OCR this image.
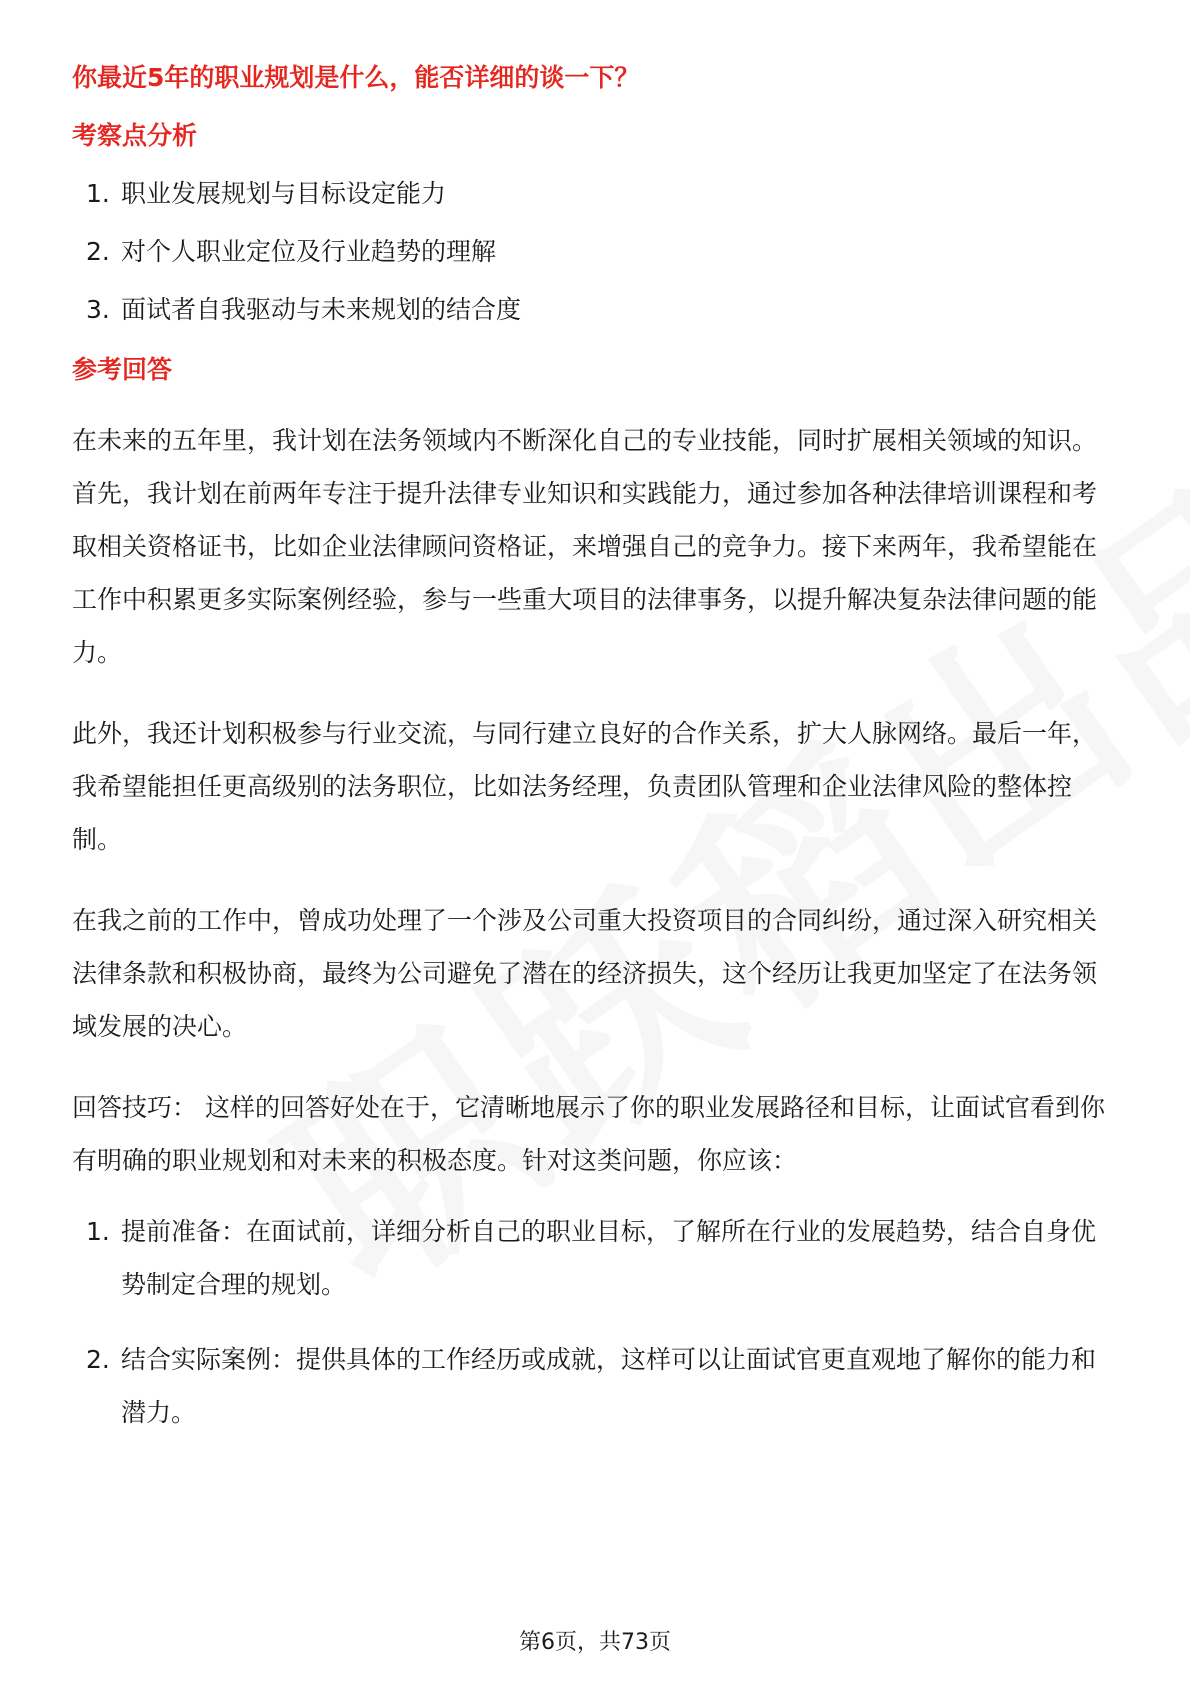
你最近5年的职业规划是什么，能否详细的谈一下？
考察点分析
1. 职业发展规划与目标设定能力
2. 对个人职业定位及行业趋势的理解
3. 面试者自我驱动与未来规划的结合度
参考回答

在未来的五年里，我计划在法务领域内不断深化自己的专业技能，同时扩展相关领域的知识。首先，我计划在前两年专注于提升法律专业知识和实践能力，通过参加各种法律培训课程和考取相关资格证书，比如企业法律顾问资格证，来增强自己的竞争力。接下来两年，我希望能在工作中积累更多实际案例经验，参与一些重大项目的法律事务，以提升解决复杂法律问题的能力。

此外，我还计划积极参与行业交流，与同行建立良好的合作关系，扩大人脉网络。最后一年，我希望能担任更高级别的法务职位，比如法务经理，负责团队管理和企业法律风险的整体控制。

在我之前的工作中，曾成功处理了一个涉及公司重大投资项目的合同纠纷，通过深入研究相关法律条款和积极协商，最终为公司避免了潜在的经济损失，这个经历让我更加坚定了在法务领域发展的决心。

回答技巧： 这样的回答好处在于，它清晰地展示了你的职业发展路径和目标，让面试官看到你有明确的职业规划和对未来的积极态度。针对这类问题，你应该：

1. 提前准备：在面试前，详细分析自己的职业目标，了解所在行业的发展趋势，结合自身优势制定合理的规划。
2. 结合实际案例：提供具体的工作经历或成就，这样可以让面试官更直观地了解你的能力和潜力。
第6页，共73页
